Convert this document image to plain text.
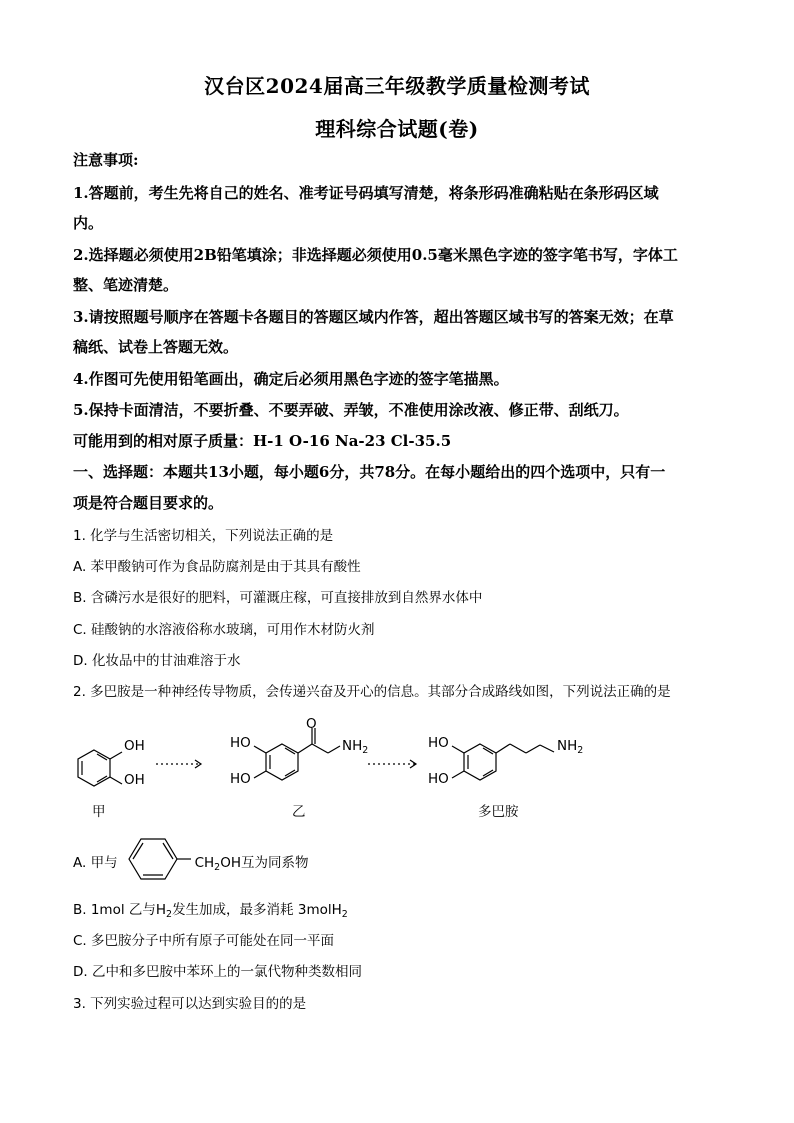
汉台区2024届高三年级教学质量检测考试
理科综合试题(卷)
注意事项:
1.答题前，考生先将自己的姓名、准考证号码填写清楚，将条形码准确粘贴在条形码区域
内。
2.选择题必须使用2B铅笔填涂；非选择题必须使用0.5毫米黑色字迹的签字笔书写，字体工
整、笔迹清楚。
3.请按照题号顺序在答题卡各题目的答题区域内作答，超出答题区域书写的答案无效；在草
稿纸、试卷上答题无效。
4.作图可先使用铅笔画出，确定后必须用黑色字迹的签字笔描黑。
5.保持卡面清洁，不要折叠、不要弄破、弄皱，不准使用涂改液、修正带、刮纸刀。
可能用到的相对原子质量：H-1 O-16 Na-23 Cl-35.5
一、选择题：本题共13小题，每小题6分，共78分。在每小题给出的四个选项中，只有一
项是符合题目要求的。
1. 化学与生活密切相关，下列说法正确的是
A. 苯甲酸钠可作为食品防腐剂是由于其具有酸性
B. 含磷污水是很好的肥料，可灌溉庄稼，可直接排放到自然界水体中
C. 硅酸钠的水溶液俗称水玻璃，可用作木材防火剂
D. 化妆品中的甘油难溶于水
2. 多巴胺是一种神经传导物质，会传递兴奋及开心的信息。其部分合成路线如图，下列说法正确的是
OH
OH
HO
HO
O
$NH_2$	HO
HO
$NH_2$
甲	乙	多巴胺
A. 甲与	$CH_2OH$互为同系物
B. 1mol 乙与$H_2$发生加成，最多消耗 3molH$_2$
C. 多巴胺分子中所有原子可能处在同一平面
D. 乙中和多巴胺中苯环上的一氯代物种类数相同
3. 下列实验过程可以达到实验目的的是
